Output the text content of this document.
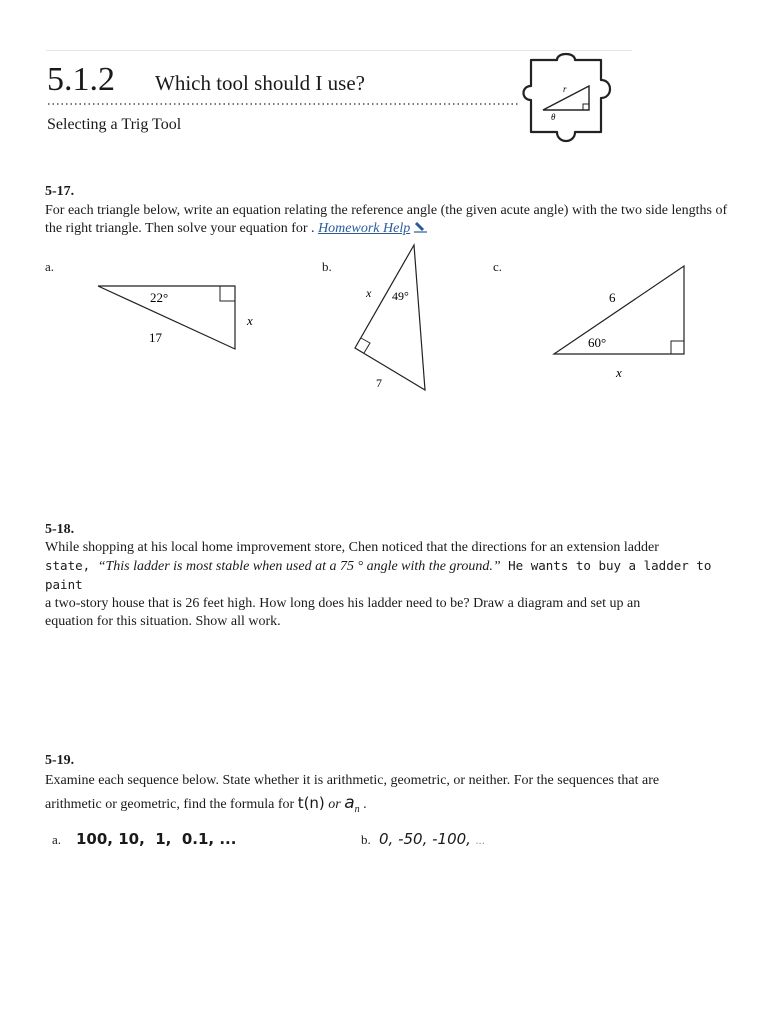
5.1.2 Which tool should I use?
Selecting a Trig Tool
r
θ
5-17.
For each triangle below, write an equation relating the reference angle (the given acute angle) with the two side lengths of the right triangle. Then solve your equation for . Homework Help
a.	b.	c.
22°
x
17
x 49°
7
6
60°
x
5-18.
While shopping at his local home improvement store, Chen noticed that the directions for an extension ladder
state, “This ladder is most stable when used at a 75 ° angle with the ground.” He wants to buy a ladder to paint
a two-story house that is 26 feet high. How long does his ladder need to be? Draw a diagram and set up an
equation for this situation. Show all work.
5-19.
Examine each sequence below. State whether it is arithmetic, geometric, or neither. For the sequences that are
arithmetic or geometric, find the formula for t(n) or $a_n$ .
a. 100, 10,  1,  0.1, ...	b. 0, -50, -100, ...
